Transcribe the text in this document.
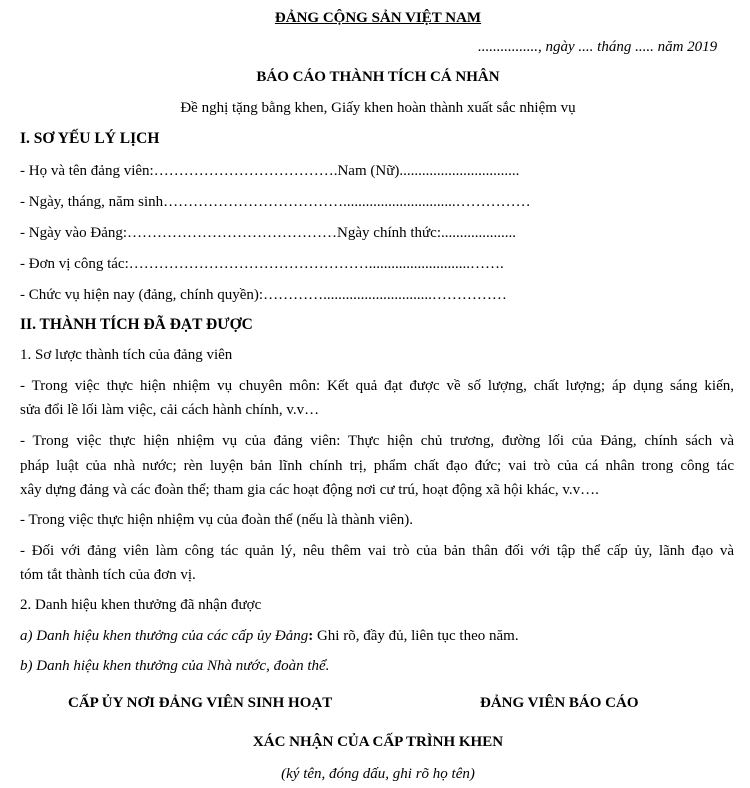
ĐẢNG CỘNG SẢN VIỆT NAM
................, ngày .... tháng ..... năm 2019
BÁO CÁO THÀNH TÍCH CÁ NHÂN
Đề nghị tặng bằng khen, Giấy khen hoàn thành xuất sắc nhiệm vụ
I. SƠ YẾU LÝ LỊCH
- Họ và tên đảng viên:……………………………….Nam (Nữ)................................
- Ngày, tháng, năm sinh………………………………..............................……………
- Ngày vào Đảng:……………………………………Ngày chính thức:....................
- Đơn vị công tác:…………………………………………...........................…….
- Chức vụ hiện nay (đảng, chính quyền):………….............................……………
II. THÀNH TÍCH ĐÃ ĐẠT ĐƯỢC
1. Sơ lược thành tích của đảng viên
- Trong việc thực hiện nhiệm vụ chuyên môn: Kết quả đạt được về số lượng, chất lượng; áp dụng sáng kiến,
sửa đổi lề lối làm việc, cải cách hành chính, v.v…
- Trong việc thực hiện nhiệm vụ của đảng viên: Thực hiện chủ trương, đường lối của Đảng, chính sách và
pháp luật của nhà nước; rèn luyện bản lĩnh chính trị, phẩm chất đạo đức; vai trò của cá nhân trong công tác
xây dựng đảng và các đoàn thể; tham gia các hoạt động nơi cư trú, hoạt động xã hội khác, v.v….
- Trong việc thực hiện nhiệm vụ của đoàn thể (nếu là thành viên).
- Đối với đảng viên làm công tác quản lý, nêu thêm vai trò của bản thân đối với tập thể cấp ủy, lãnh đạo và
tóm tắt thành tích của đơn vị.
2. Danh hiệu khen thưởng đã nhận được
a) Danh hiệu khen thưởng của các cấp ủy Đảng: Ghi rõ, đầy đủ, liên tục theo năm.
b) Danh hiệu khen thưởng của Nhà nước, đoàn thể.
CẤP ỦY NƠI ĐẢNG VIÊN SINH HOẠT	ĐẢNG VIÊN BÁO CÁO
XÁC NHẬN CỦA CẤP TRÌNH KHEN
(ký tên, đóng dấu, ghi rõ họ tên)
